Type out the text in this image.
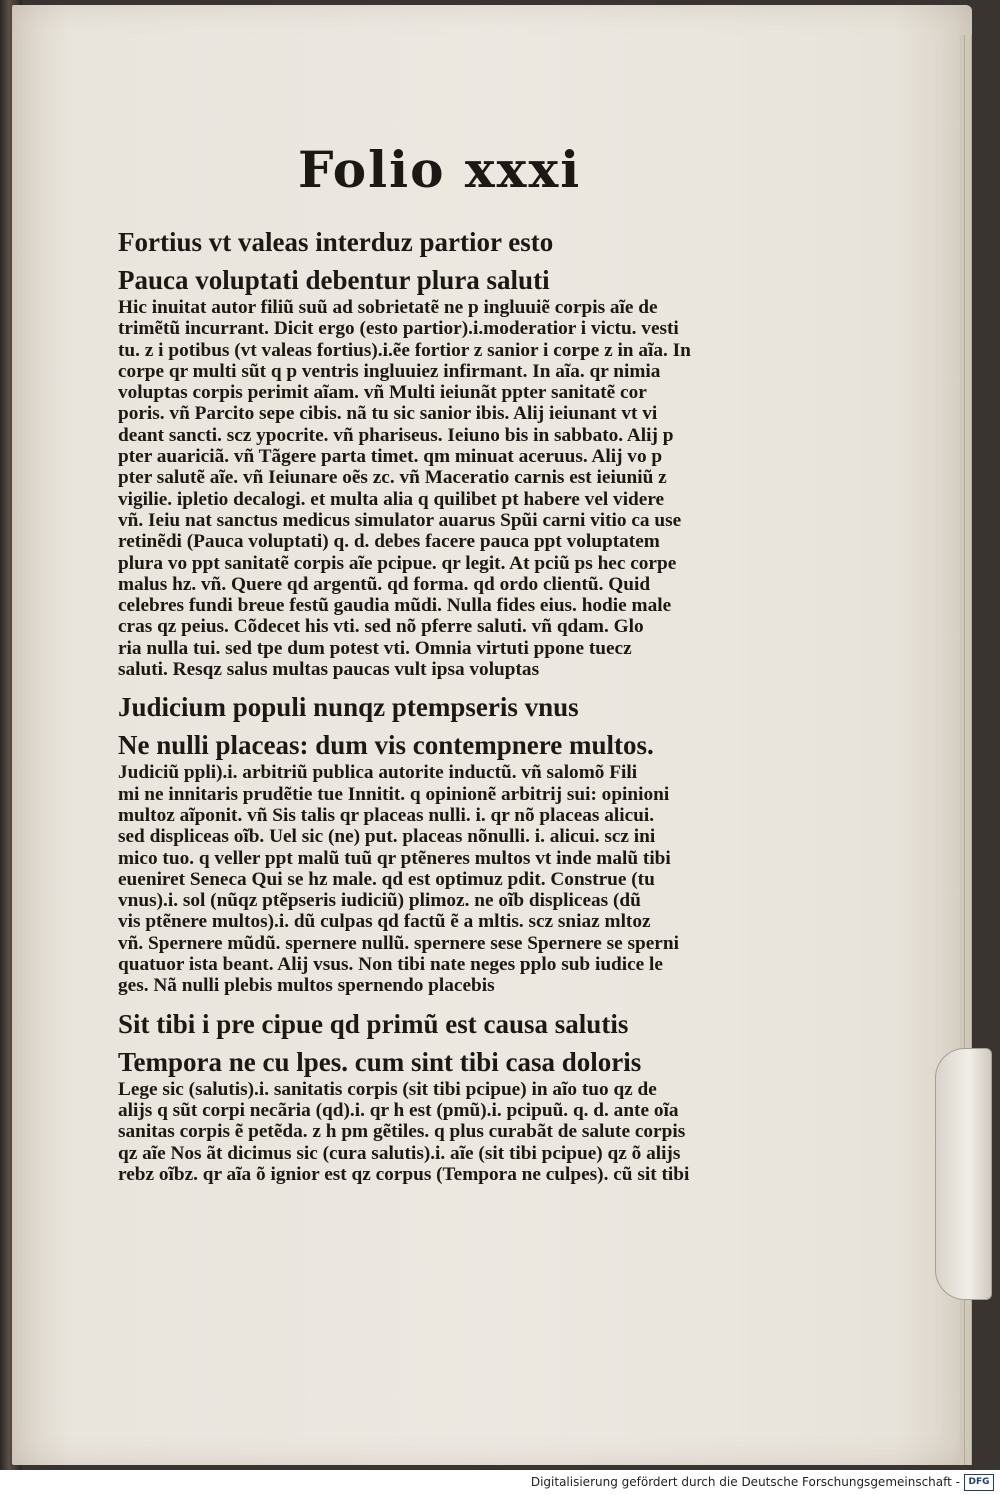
Folio xxxi
Fortius vt valeas interduz partior esto
Pauca voluptati debentur plura saluti
Hic inuitat autor filiũ suũ ad sobrietatẽ ne p ingluuiẽ corpis aĩe de
trimẽtũ incurrant. Dicit ergo (esto partior).i.moderatior i victu. vesti
tu. z i potibus (vt valeas fortius).i.ẽe fortior z sanior i corpe z in aĩa. In
corpe qr multi sũt q p ventris ingluuiez infirmant. In aĩa. qr nimia
voluptas corpis perimit aĩam. vñ Multi ieiunãt ppter sanitatẽ cor
poris. vñ Parcito sepe cibis. nã tu sic sanior ibis. Alij ieiunant vt vi
deant sancti. scz ypocrite. vñ phariseus. Ieiuno bis in sabbato. Alij p
pter auariciã. vñ Tãgere parta timet. qm minuat aceruus. Alij vo p
pter salutẽ aĩe. vñ Ieiunare oẽs zc. vñ Maceratio carnis est ieiuniũ z
vigilie. ipletio decalogi. et multa alia q quilibet pt habere vel videre
vñ. Ieiu nat sanctus medicus simulator auarus Spũi carni vitio ca use
retinẽdi (Pauca voluptati) q. d. debes facere pauca ppt voluptatem
plura vo ppt sanitatẽ corpis aĩe pcipue. qr legit. At pciũ ps hec corpe
malus hz. vñ. Quere qd argentũ. qd forma. qd ordo clientũ. Quid
celebres fundi breue festũ gaudia mũdi. Nulla fides eius. hodie male
cras qz peius. Cõdecet his vti. sed nõ pferre saluti. vñ qdam. Glo
ria nulla tui. sed tpe dum potest vti. Omnia virtuti ppone tuecz
saluti. Resqz salus multas paucas vult ipsa voluptas
Judicium populi nunqz ptempseris vnus
Ne nulli placeas: dum vis contempnere multos.
Judiciũ ppli).i. arbitriũ publica autorite inductũ. vñ salomõ Fili
mi ne innitaris prudẽtie tue Innitit. q opinionẽ arbitrij sui: opinioni
multoz aĩponit. vñ Sis talis qr placeas nulli. i. qr nõ placeas alicui.
sed displiceas oĩb. Uel sic (ne) put. placeas nõnulli. i. alicui. scz ini
mico tuo. q veller ppt malũ tuũ qr ptẽneres multos vt inde malũ tibi
eueniret Seneca Qui se hz male. qd est optimuz pdit. Construe (tu
vnus).i. sol (nũqz ptẽpseris iudiciũ) plimoz. ne oĩb displiceas (dũ
vis ptẽnere multos).i. dũ culpas qd factũ ẽ a mltis. scz sniaz mltoz
vñ. Spernere mũdũ. spernere nullũ. spernere sese Spernere se sperni
quatuor ista beant. Alij vsus. Non tibi nate neges pplo sub iudice le
ges. Nã nulli plebis multos spernendo placebis
Sit tibi i pre cipue qd primũ est causa salutis
Tempora ne cu lpes. cum sint tibi casa doloris
Lege sic (salutis).i. sanitatis corpis (sit tibi pcipue) in aĩo tuo qz de
alijs q sũt corpi necãria (qd).i. qr h est (pmũ).i. pcipuũ. q. d. ante oĩa
sanitas corpis ẽ petẽda. z h pm gẽtiles. q plus curabãt de salute corpis
qz aĩe Nos ãt dicimus sic (cura salutis).i. aĩe (sit tibi pcipue) qz õ alijs
rebz oĩbz. qr aĩa õ ignior est qz corpus (Tempora ne culpes). cũ sit tibi
Digitalisierung gefördert durch die Deutsche Forschungsgemeinschaft - DFG
